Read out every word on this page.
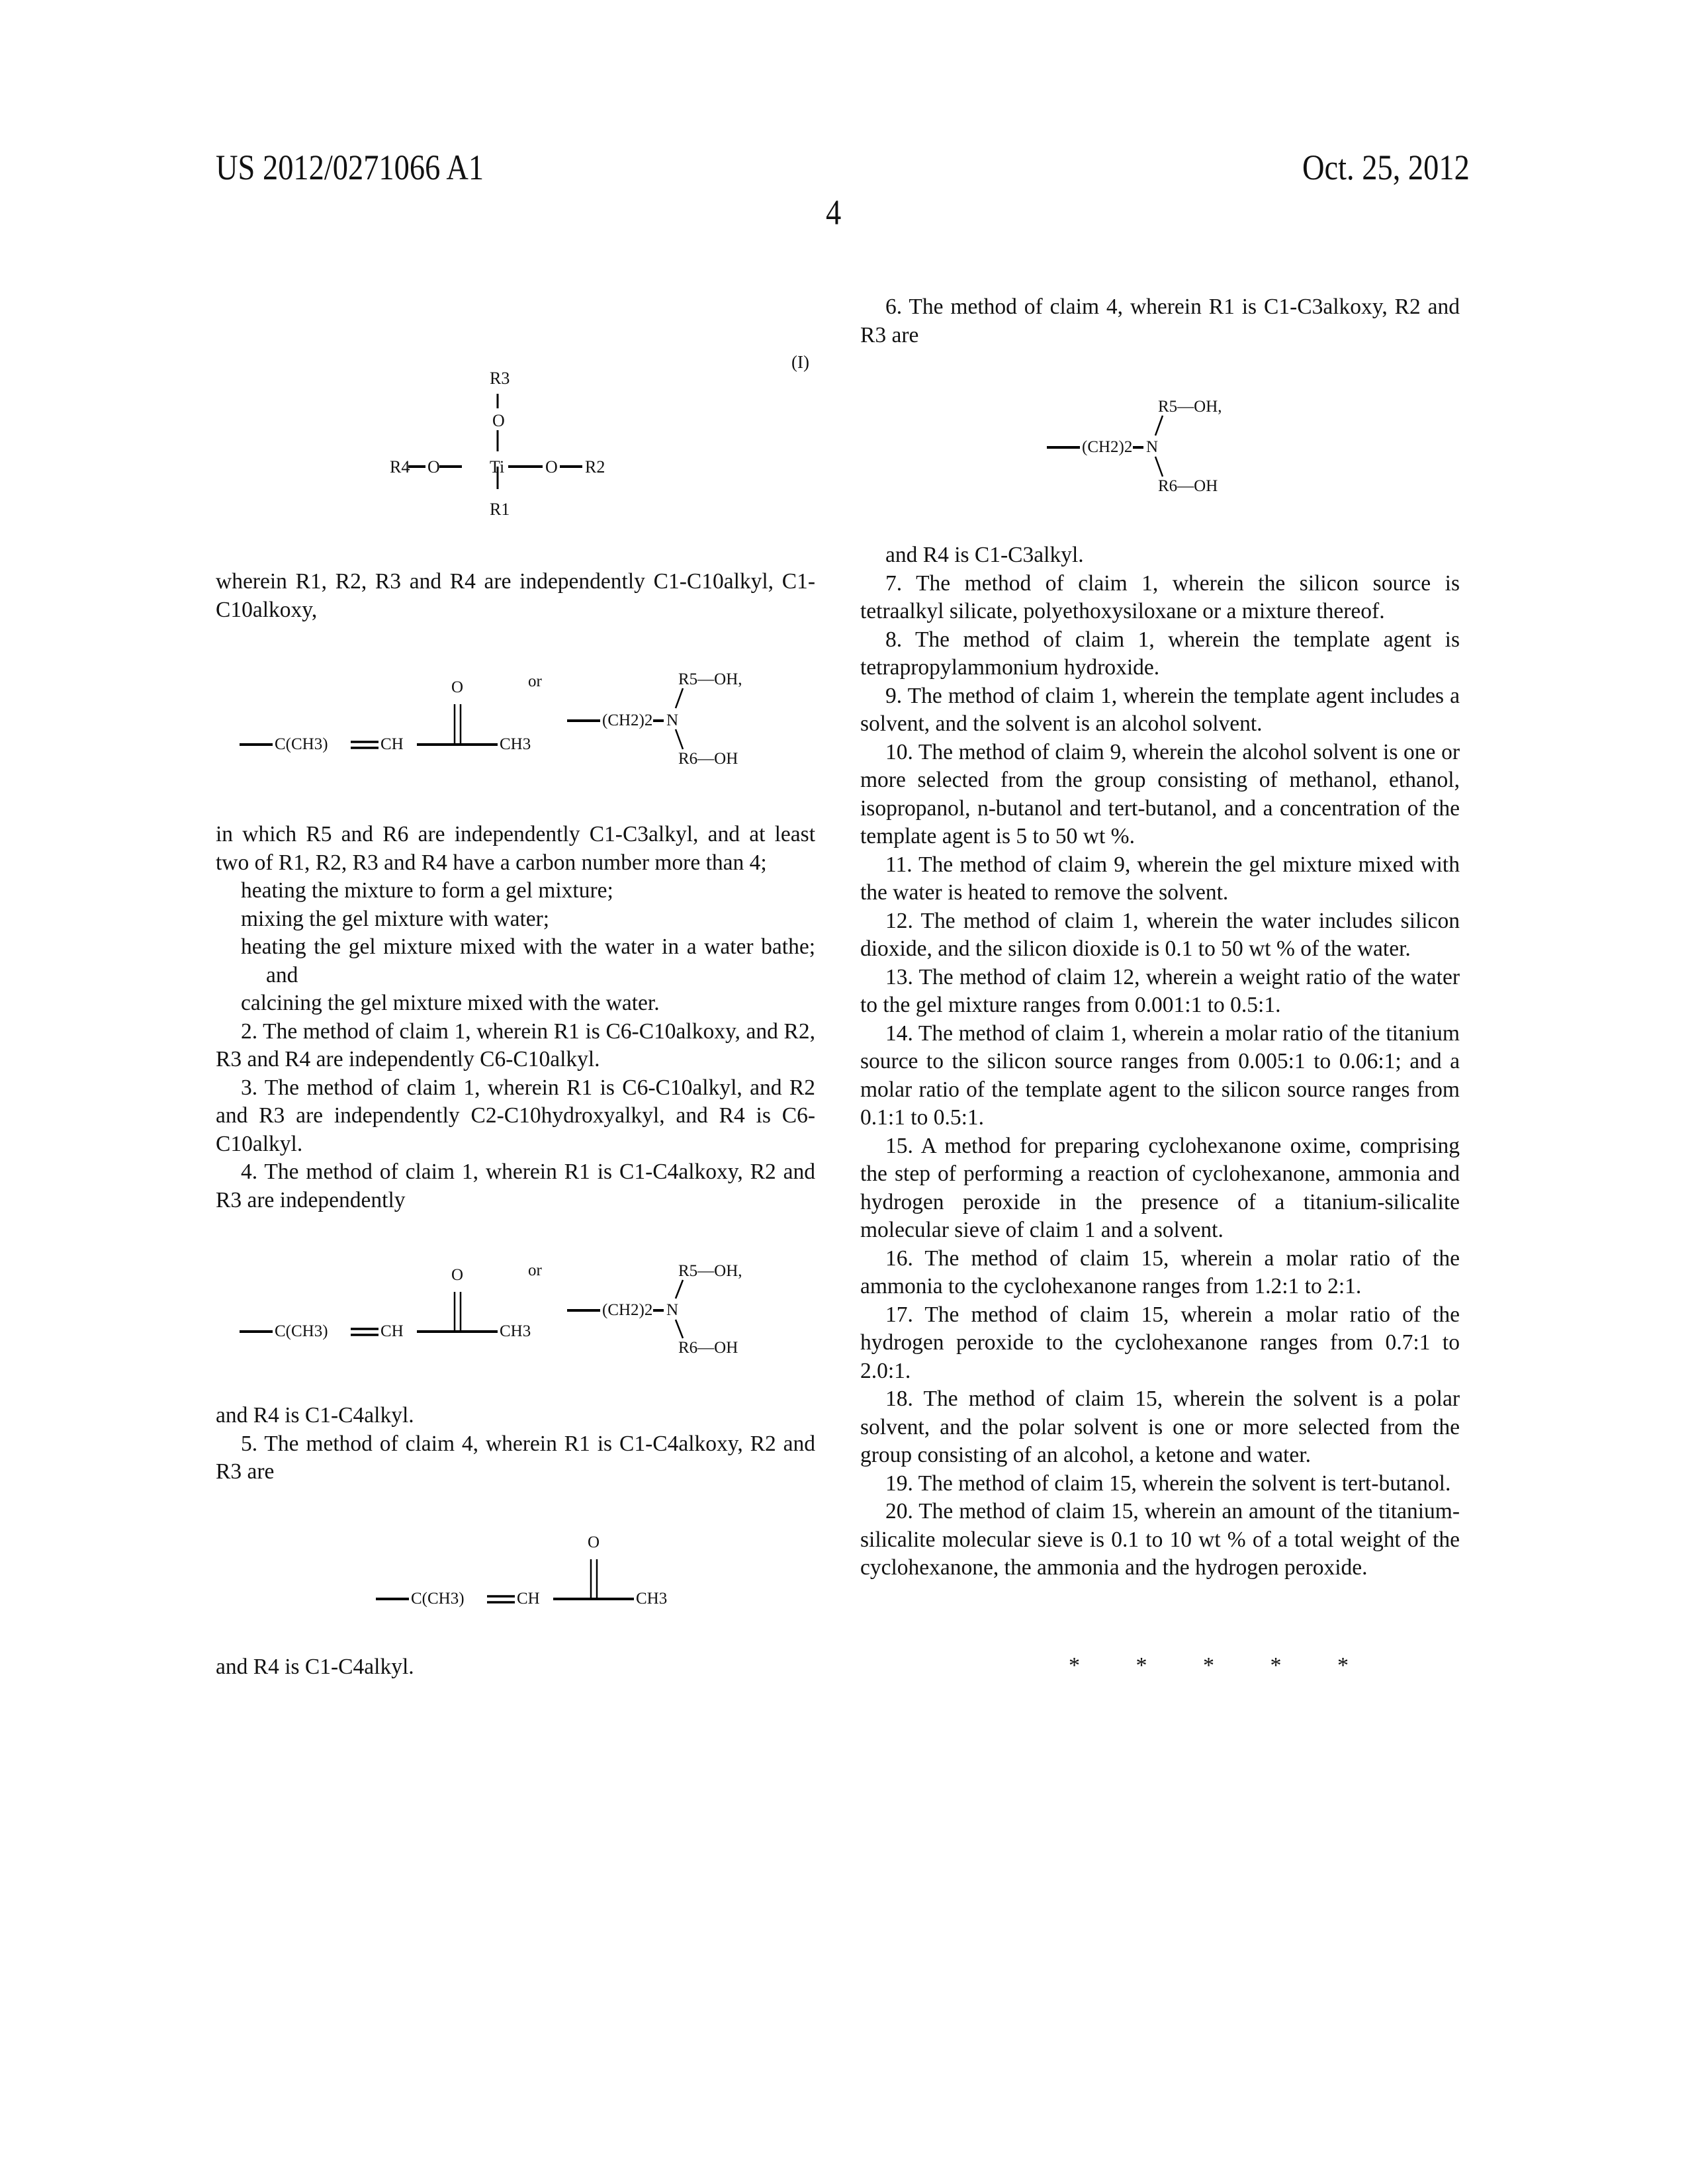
US 2012/0271066 A1	Oct. 25, 2012
4
(I)
R3
O
R4 O	Ti O R2
R1

wherein R1, R2, R3 and R4 are independently C1-C10alkyl, C1-C10alkoxy,

in which R5 and R6 are independently C1-C3alkyl, and at least two of R1, R2, R3 and R4 have a carbon number more than 4;

heating the mixture to form a gel mixture;

mixing the gel mixture with water;

heating the gel mixture mixed with the water in a water bathe; and

calcining the gel mixture mixed with the water.

2. The method of claim 1, wherein R1 is C6-C10alkoxy, and R2, R3 and R4 are independently C6-C10alkyl.

3. The method of claim 1, wherein R1 is C6-C10alkyl, and R2 and R3 are independently C2-C10hydroxyalkyl, and R4 is C6-C10alkyl.

4. The method of claim 1, wherein R1 is C1-C4alkoxy, R2 and R3 are independently

and R4 is C1-C4alkyl.

5. The method of claim 4, wherein R1 is C1-C4alkoxy, R2 and R3 are

and R4 is C1-C4alkyl.

C(CH3)	CH
O
CH3
or
(CH2)2 N
R5—OH,
R6—OH
C(CH3)	CH
O
CH3
or
(CH2)2 N
R5—OH,
R6—OH
C(CH3)	CH
O
CH3

6. The method of claim 4, wherein R1 is C1-C3alkoxy, R2 and R3 are

and R4 is C1-C3alkyl.

7. The method of claim 1, wherein the silicon source is tetraalkyl silicate, polyethoxysiloxane or a mixture thereof.

8. The method of claim 1, wherein the template agent is tetrapropylammonium hydroxide.

9. The method of claim 1, wherein the template agent includes a solvent, and the solvent is an alcohol solvent.

10. The method of claim 9, wherein the alcohol solvent is one or more selected from the group consisting of methanol, ethanol, isopropanol, n-butanol and tert-butanol, and a concentration of the template agent is 5 to 50 wt %.

11. The method of claim 9, wherein the gel mixture mixed with the water is heated to remove the solvent.

12. The method of claim 1, wherein the water includes silicon dioxide, and the silicon dioxide is 0.1 to 50 wt % of the water.

13. The method of claim 12, wherein a weight ratio of the water to the gel mixture ranges from 0.001:1 to 0.5:1.

14. The method of claim 1, wherein a molar ratio of the titanium source to the silicon source ranges from 0.005:1 to 0.06:1; and a molar ratio of the template agent to the silicon source ranges from 0.1:1 to 0.5:1.

15. A method for preparing cyclohexanone oxime, comprising the step of performing a reaction of cyclohexanone, ammonia and hydrogen peroxide in the presence of a titanium-silicalite molecular sieve of claim 1 and a solvent.

16. The method of claim 15, wherein a molar ratio of the ammonia to the cyclohexanone ranges from 1.2:1 to 2:1.

17. The method of claim 15, wherein a molar ratio of the hydrogen peroxide to the cyclohexanone ranges from 0.7:1 to 2.0:1.

18. The method of claim 15, wherein the solvent is a polar solvent, and the polar solvent is one or more selected from the group consisting of an alcohol, a ketone and water.

19. The method of claim 15, wherein the solvent is tert-butanol.

20. The method of claim 15, wherein an amount of the titanium-silicalite molecular sieve is 0.1 to 10 wt % of a total weight of the cyclohexanone, the ammonia and the hydrogen peroxide.

(CH2)2 N
R5—OH,
R6—OH
* * * * *
